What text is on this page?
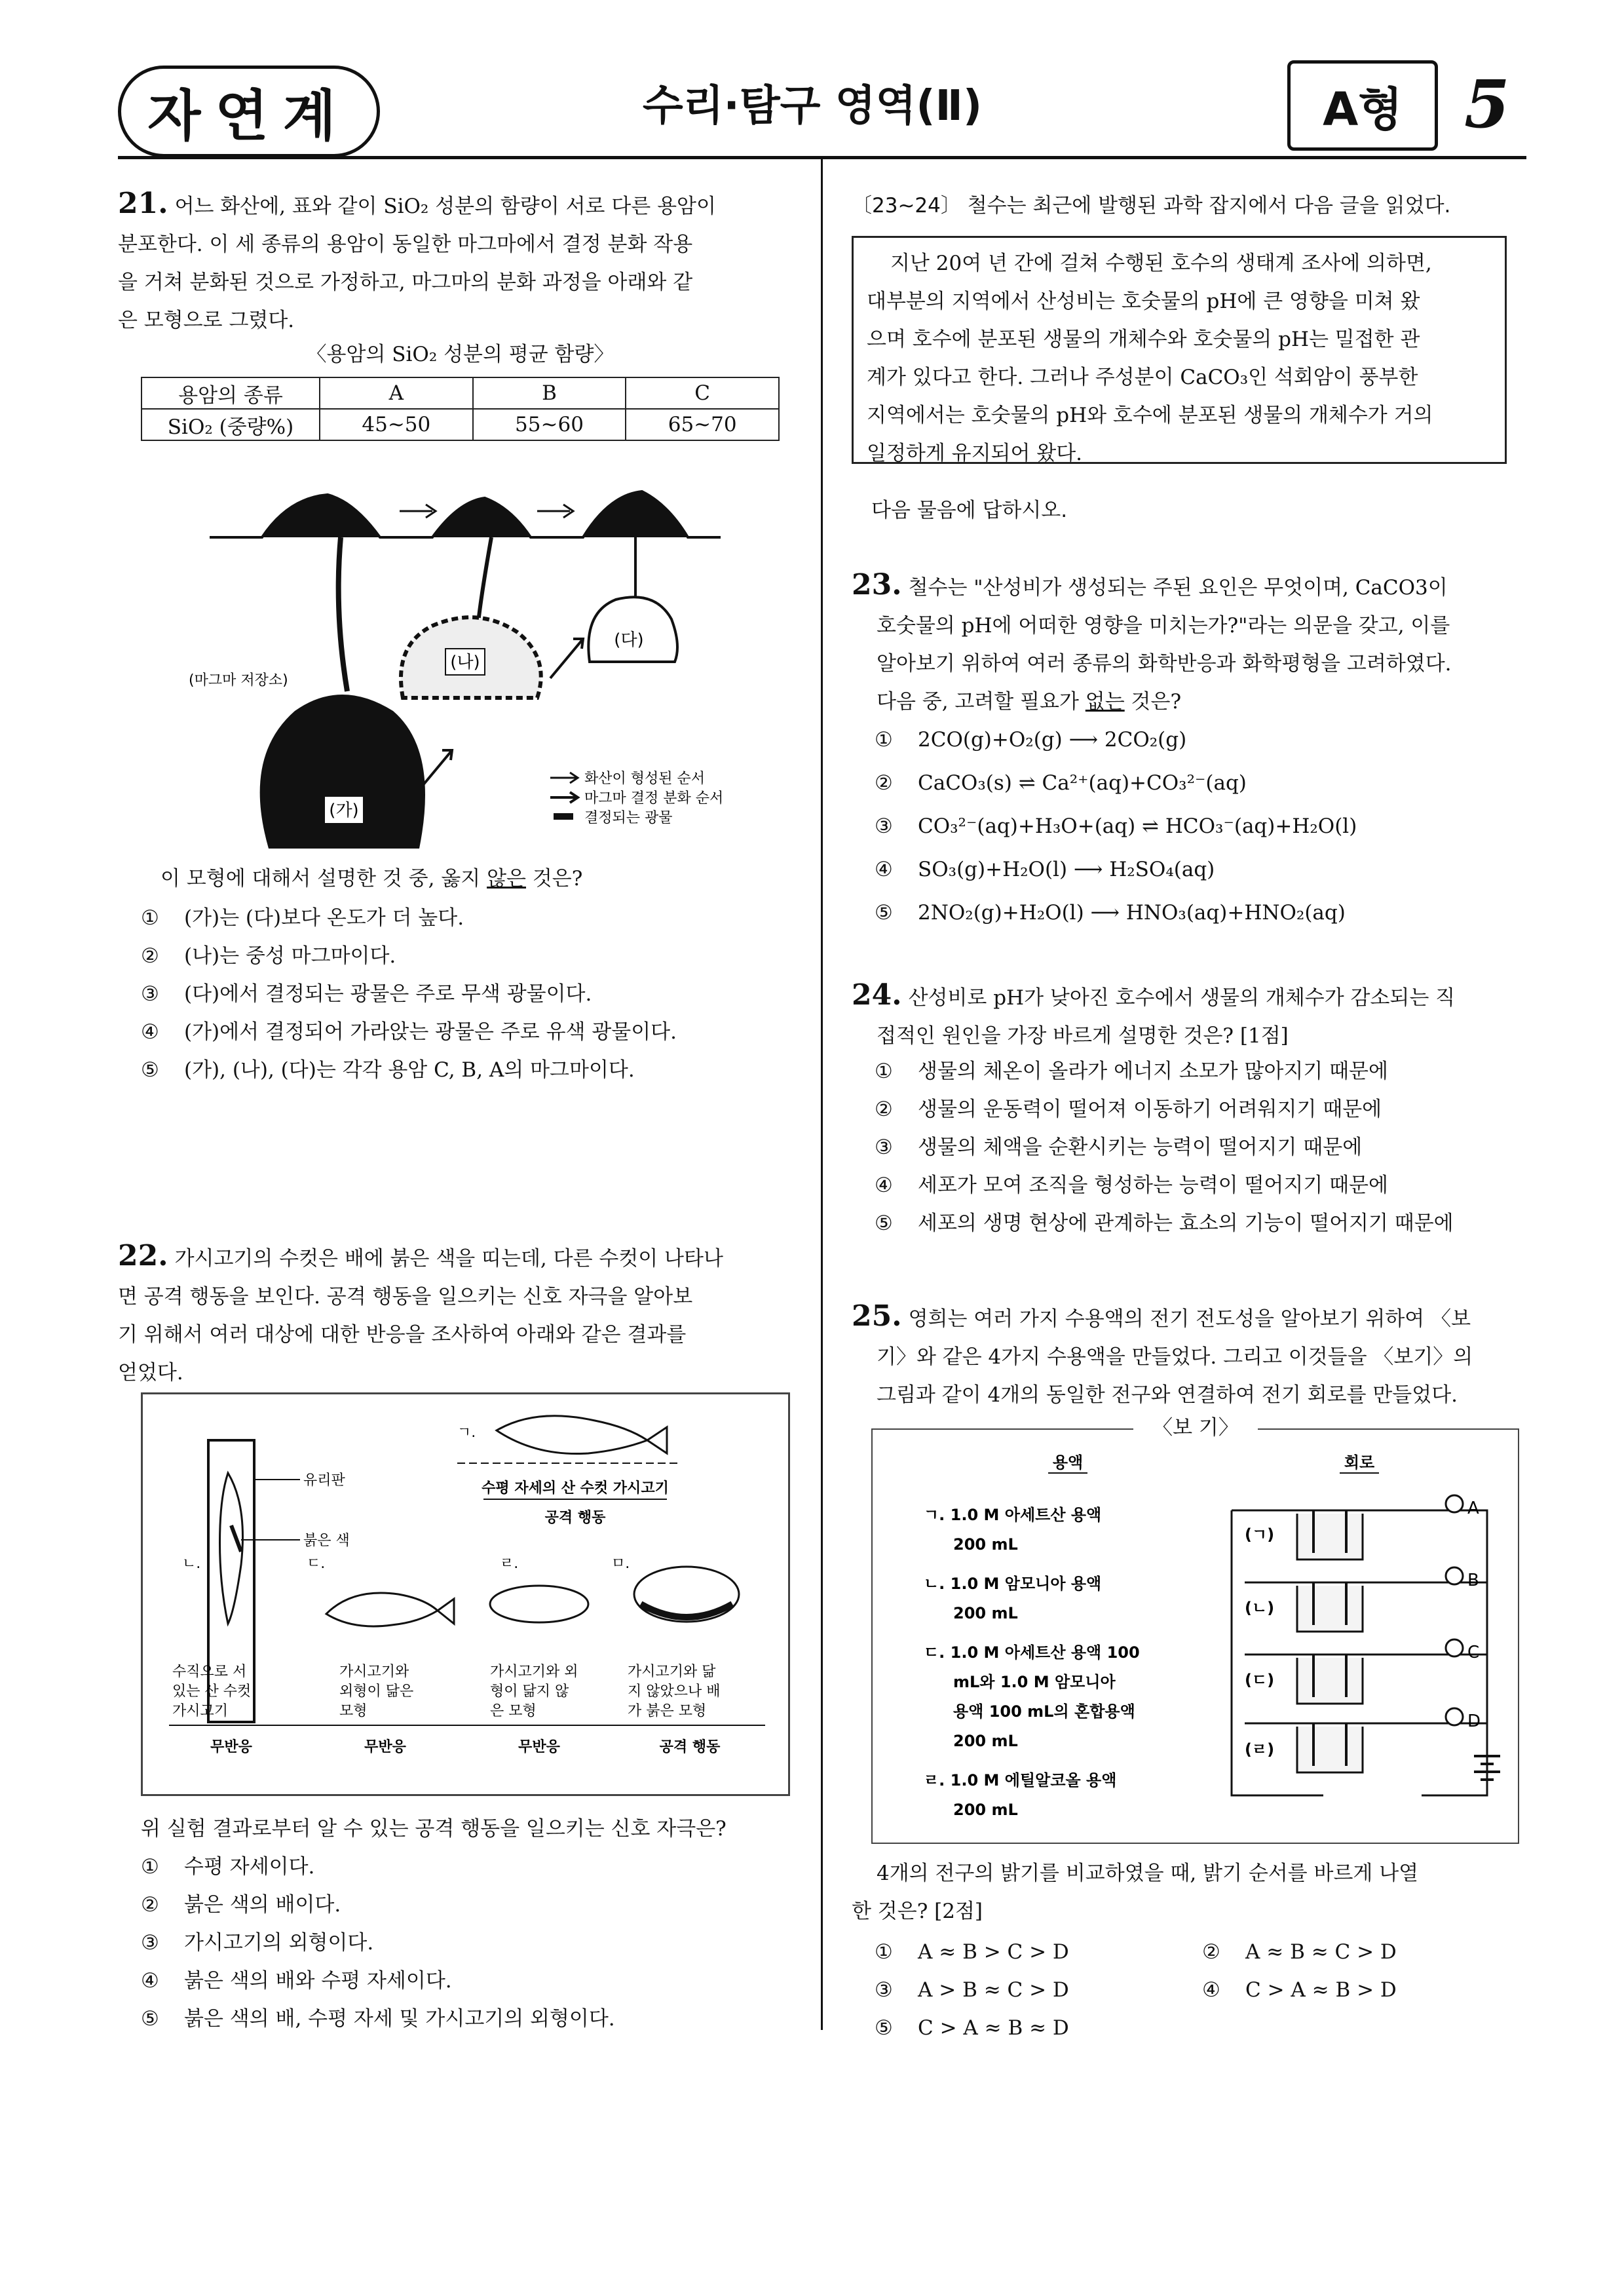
자연계	수리·탐구 영역(Ⅱ)	A형 5
21. 어느 화산에, 표와 같이 SiO₂ 성분의 함량이 서로 다른 용암이
분포한다. 이 세 종류의 용암이 동일한 마그마에서 결정 분화 작용
을 거쳐 분화된 것으로 가정하고, 마그마의 분화 과정을 아래와 같
은 모형으로 그렸다.
〈용암의 SiO₂ 성분의 평균 함량〉
용암의 종류	A	B	C
SiO₂ (중량%)	45~50	55~60	65~70
(가)
(나)
(다)
(마그마 저장소)
화산이 형성된 순서
마그마 결정 분화 순서
결정되는 광물
이 모형에 대해서 설명한 것 중, 옳지 않은 것은?
① (가)는 (다)보다 온도가 더 높다.
② (나)는 중성 마그마이다.
③ (다)에서 결정되는 광물은 주로 무색 광물이다.
④ (가)에서 결정되어 가라앉는 광물은 주로 유색 광물이다.
⑤ (가), (나), (다)는 각각 용암 C, B, A의 마그마이다.
22. 가시고기의 수컷은 배에 붉은 색을 띠는데, 다른 수컷이 나타나
면 공격 행동을 보인다. 공격 행동을 일으키는 신호 자극을 알아보
기 위해서 여러 대상에 대한 반응을 조사하여 아래와 같은 결과를
얻었다.
유리판
붉은 색
ㄱ.
수평 자세의 산 수컷 가시고기
공격 행동
ㄴ.	ㄷ.	ㄹ.	ㅁ.
수직으로 서
있는 산 수컷
가시고기
가시고기와
외형이 닮은
모형
가시고기와 외
형이 닮지 않
은 모형
가시고기와 닮
지 않았으나 배
가 붉은 모형
무반응	무반응	무반응	공격 행동
위 실험 결과로부터 알 수 있는 공격 행동을 일으키는 신호 자극은?
① 수평 자세이다.
② 붉은 색의 배이다.
③ 가시고기의 외형이다.
④ 붉은 색의 배와 수평 자세이다.
⑤ 붉은 색의 배, 수평 자세 및 가시고기의 외형이다.
〔23~24〕 철수는 최근에 발행된 과학 잡지에서 다음 글을 읽었다.
지난 20여 년 간에 걸쳐 수행된 호수의 생태계 조사에 의하면,
대부분의 지역에서 산성비는 호숫물의 pH에 큰 영향을 미쳐 왔
으며 호수에 분포된 생물의 개체수와 호숫물의 pH는 밀접한 관
계가 있다고 한다. 그러나 주성분이 CaCO₃인 석회암이 풍부한
지역에서는 호숫물의 pH와 호수에 분포된 생물의 개체수가 거의
일정하게 유지되어 왔다.
다음 물음에 답하시오.
23. 철수는 "산성비가 생성되는 주된 요인은 무엇이며, CaCO3이
호숫물의 pH에 어떠한 영향을 미치는가?"라는 의문을 갖고, 이를
알아보기 위하여 여러 종류의 화학반응과 화학평형을 고려하였다.
다음 중, 고려할 필요가 없는 것은?
① 2CO(g)+O₂(g) ⟶ 2CO₂(g)
② CaCO₃(s) ⇌ Ca²⁺(aq)+CO₃²⁻(aq)
③ CO₃²⁻(aq)+H₃O+(aq) ⇌ HCO₃⁻(aq)+H₂O(l)
④ SO₃(g)+H₂O(l) ⟶ H₂SO₄(aq)
⑤ 2NO₂(g)+H₂O(l) ⟶ HNO₃(aq)+HNO₂(aq)
24. 산성비로 pH가 낮아진 호수에서 생물의 개체수가 감소되는 직
접적인 원인을 가장 바르게 설명한 것은? [1점]
① 생물의 체온이 올라가 에너지 소모가 많아지기 때문에
② 생물의 운동력이 떨어져 이동하기 어려워지기 때문에
③ 생물의 체액을 순환시키는 능력이 떨어지기 때문에
④ 세포가 모여 조직을 형성하는 능력이 떨어지기 때문에
⑤ 세포의 생명 현상에 관계하는 효소의 기능이 떨어지기 때문에
25. 영희는 여러 가지 수용액의 전기 전도성을 알아보기 위하여 〈보
기〉와 같은 4가지 수용액을 만들었다. 그리고 이것들을 〈보기〉의
그림과 같이 4개의 동일한 전구와 연결하여 전기 회로를 만들었다.
〈보 기〉
용액	회로
ㄱ. 1.0 M 아세트산 용액
200 mL
ㄴ. 1.0 M 암모니아 용액
200 mL
ㄷ. 1.0 M 아세트산 용액 100
mL와 1.0 M 암모니아
용액 100 mL의 혼합용액
200 mL
ㄹ. 1.0 M 에틸알코올 용액
200 mL
A
B
C
D
(ㄱ)
(ㄴ)
(ㄷ)
(ㄹ)
4개의 전구의 밝기를 비교하였을 때, 밝기 순서를 바르게 나열
한 것은? [2점]
① A ≈ B > C > D	② A ≈ B ≈ C > D
③ A > B ≈ C > D	④ C > A ≈ B > D
⑤ C > A ≈ B ≈ D
